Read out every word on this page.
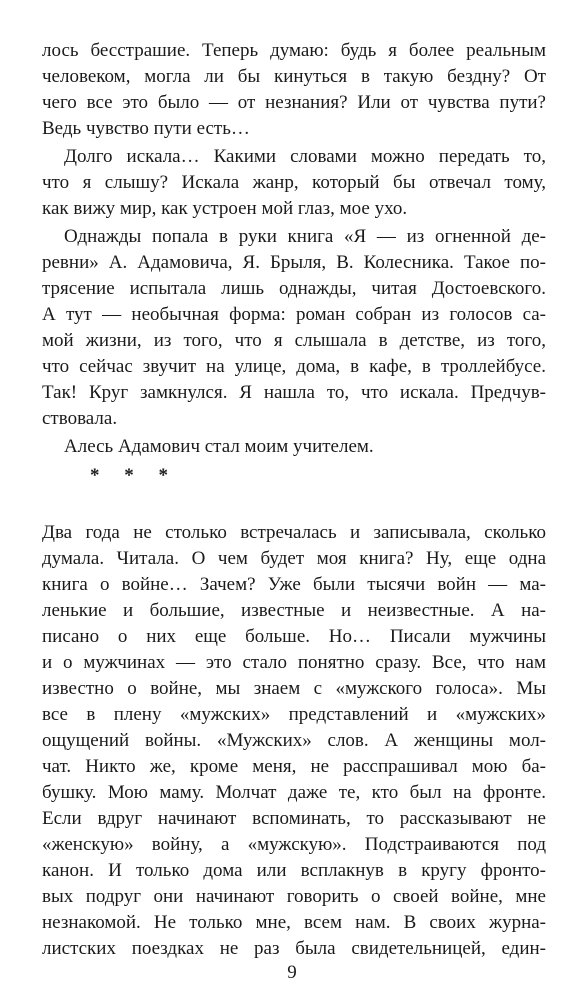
лось бесстрашие. Теперь думаю: будь я более реальным
человеком, могла ли бы кинуться в такую бездну? От
чего все это было — от незнания? Или от чувства пути?
Ведь чувство пути есть…
Долго искала… Какими словами можно передать то,
что я слышу? Искала жанр, который бы отвечал тому,
как вижу мир, как устроен мой глаз, мое ухо.
Однажды попала в руки книга «Я — из огненной де-
ревни» А. Адамовича, Я. Брыля, В. Колесника. Такое по-
трясение испытала лишь однажды, читая Достоевского.
А тут — необычная форма: роман собран из голосов са-
мой жизни, из того, что я слышала в детстве, из того,
что сейчас звучит на улице, дома, в кафе, в троллейбусе.
Так! Круг замкнулся. Я нашла то, что искала. Предчув-
ствовала.
Алесь Адамович стал моим учителем.
* * *
Два года не столько встречалась и записывала, сколько
думала. Читала. О чем будет моя книга? Ну, еще одна
книга о войне… Зачем? Уже были тысячи войн — ма-
ленькие и большие, известные и неизвестные. А на-
писано о них еще больше. Но… Писали мужчины
и о мужчинах — это стало понятно сразу. Все, что нам
известно о войне, мы знаем с «мужского голоса». Мы
все в плену «мужских» представлений и «мужских»
ощущений войны. «Мужских» слов. А женщины мол-
чат. Никто же, кроме меня, не расспрашивал мою ба-
бушку. Мою маму. Молчат даже те, кто был на фронте.
Если вдруг начинают вспоминать, то рассказывают не
«женскую» войну, а «мужскую». Подстраиваются под
канон. И только дома или всплакнув в кругу фронто-
вых подруг они начинают говорить о своей войне, мне
незнакомой. Не только мне, всем нам. В своих журна-
листских поездках не раз была свидетельницей, един-
9
